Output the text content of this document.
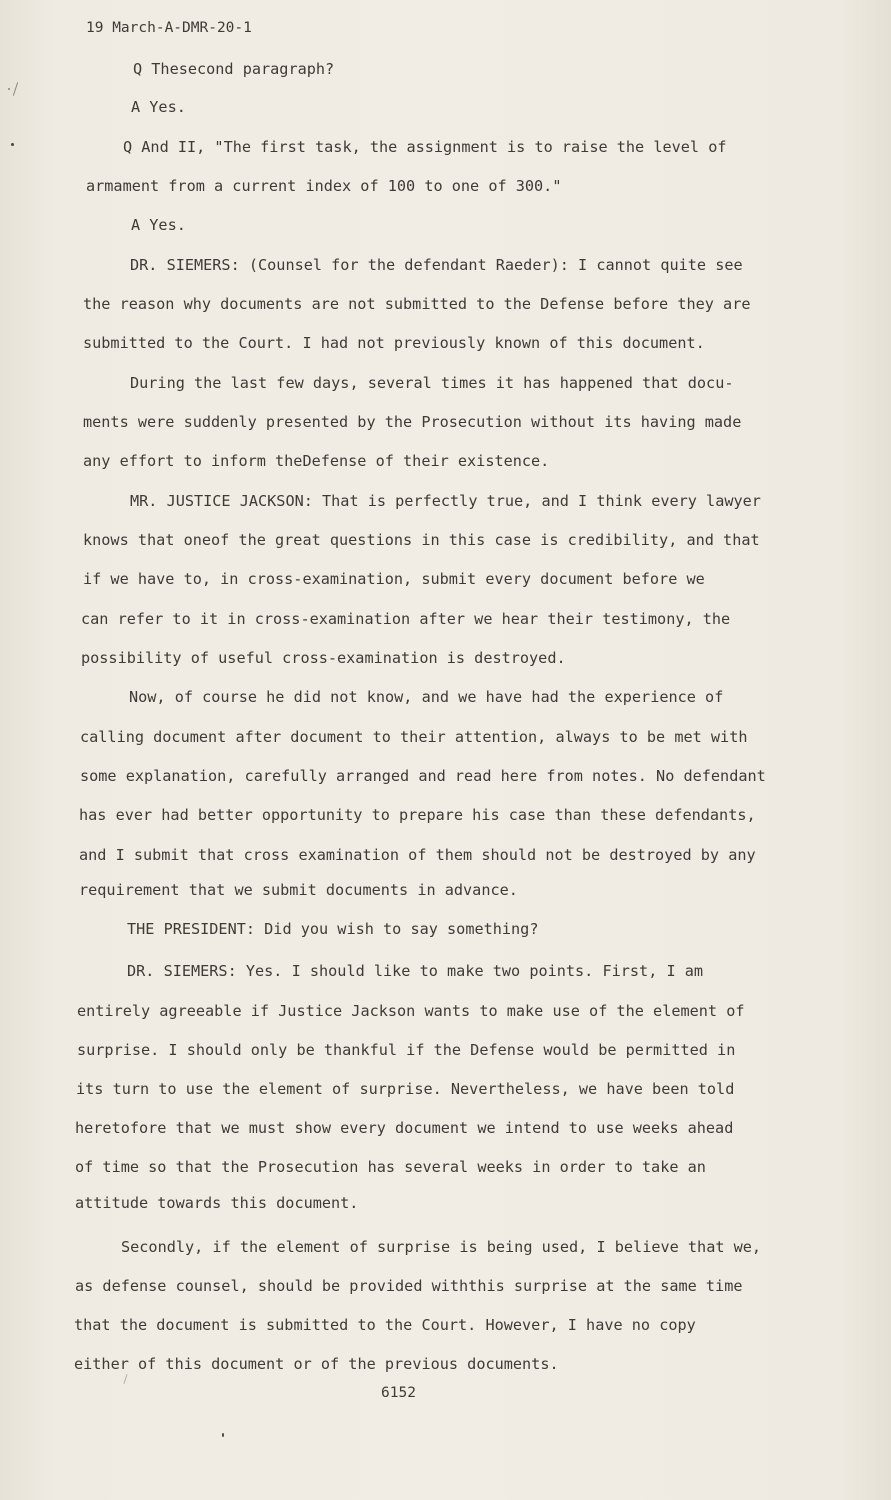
19 March-A-DMR-20-1
Q Thesecond paragraph?
A Yes.
Q And II, "The first task, the assignment is to raise the level of
armament from a current index of 100 to one of 300."
A Yes.
DR. SIEMERS: (Counsel for the defendant Raeder): I cannot quite see
the reason why documents are not submitted to the Defense before they are
submitted to the Court. I had not previously known of this document.
During the last few days, several times it has happened that docu-
ments were suddenly presented by the Prosecution without its having made
any effort to inform theDefense of their existence.
MR. JUSTICE JACKSON: That is perfectly true, and I think every lawyer
knows that oneof the great questions in this case is credibility, and that
if we have to, in cross-examination, submit every document before we
can refer to it in cross-examination after we hear their testimony, the
possibility of useful cross-examination is destroyed.
Now, of course he did not know, and we have had the experience of
calling document after document to their attention, always to be met with
some explanation, carefully arranged and read here from notes. No defendant
has ever had better opportunity to prepare his case than these defendants,
and I submit that cross examination of them should not be destroyed by any
requirement that we submit documents in advance.
THE PRESIDENT: Did you wish to say something?
DR. SIEMERS: Yes. I should like to make two points. First, I am
entirely agreeable if Justice Jackson wants to make use of the element of
surprise. I should only be thankful if the Defense would be permitted in
its turn to use the element of surprise. Nevertheless, we have been told
heretofore that we must show every document we intend to use weeks ahead
of time so that the Prosecution has several weeks in order to take an
attitude towards this document.
Secondly, if the element of surprise is being used, I believe that we,
as defense counsel, should be provided withthis surprise at the same time
that the document is submitted to the Court. However, I have no copy
either of this document or of the previous documents.
6152
